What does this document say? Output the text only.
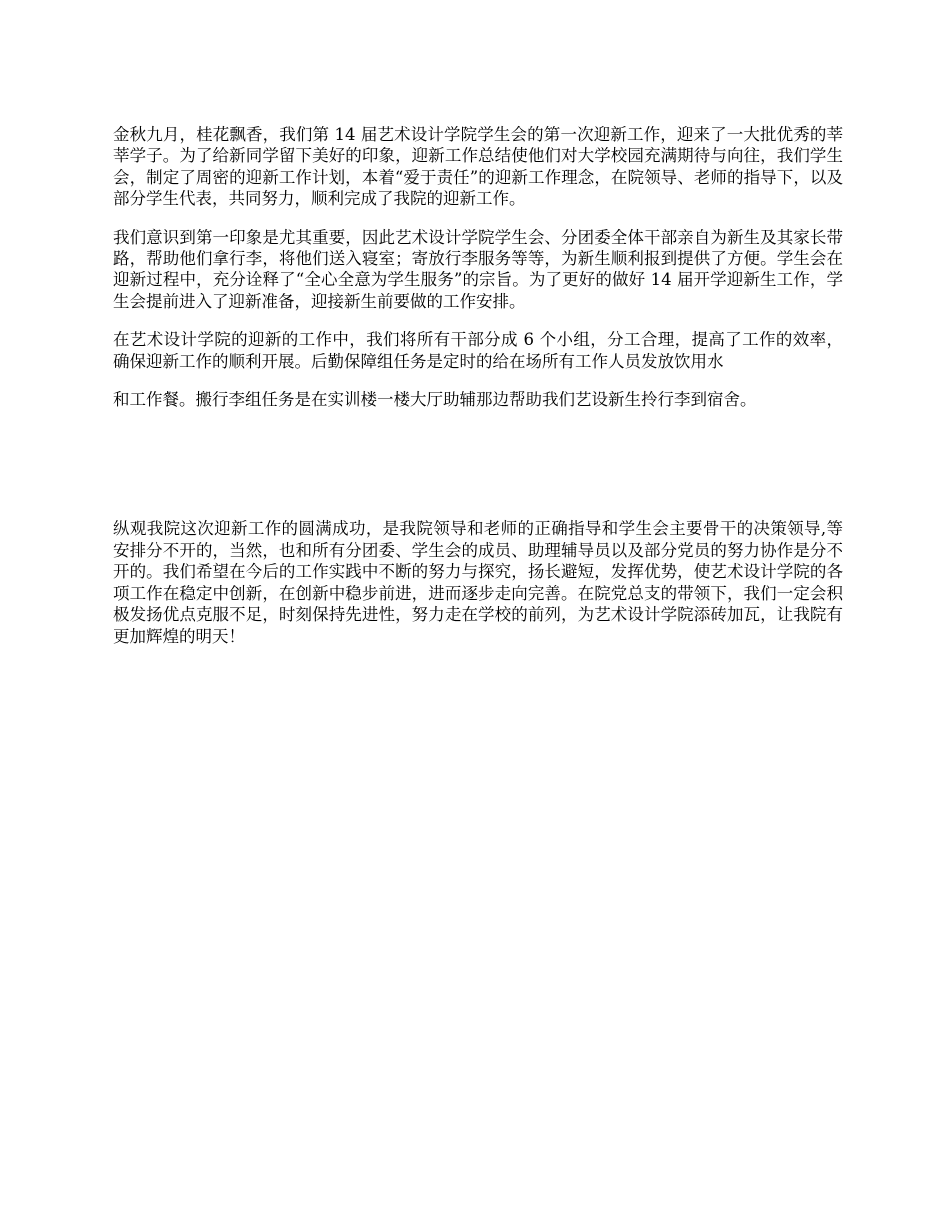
金秋九月，桂花飘香，我们第 14 届艺术设计学院学生会的第一次迎新工作，迎来了一大批优秀的莘莘学子。为了给新同学留下美好的印象，迎新工作总结使他们对大学校园充满期待与向往，我们学生会，制定了周密的迎新工作计划，本着“爱于责任”的迎新工作理念，在院领导、老师的指导下，以及部分学生代表，共同努力，顺利完成了我院的迎新工作。

我们意识到第一印象是尤其重要，因此艺术设计学院学生会、分团委全体干部亲自为新生及其家长带路，帮助他们拿行李，将他们送入寝室；寄放行李服务等等，为新生顺利报到提供了方便。学生会在迎新过程中，充分诠释了“全心全意为学生服务”的宗旨。为了更好的做好 14 届开学迎新生工作，学生会提前进入了迎新准备，迎接新生前要做的工作安排。

在艺术设计学院的迎新的工作中，我们将所有干部分成 6 个小组，分工合理，提高了工作的效率，确保迎新工作的顺利开展。后勤保障组任务是定时的给在场所有工作人员发放饮用水

和工作餐。搬行李组任务是在实训楼一楼大厅助辅那边帮助我们艺设新生拎行李到宿舍。

纵观我院这次迎新工作的圆满成功，是我院领导和老师的正确指导和学生会主要骨干的决策领导,等安排分不开的，当然，也和所有分团委、学生会的成员、助理辅导员以及部分党员的努力协作是分不开的。我们希望在今后的工作实践中不断的努力与探究，扬长避短，发挥优势，使艺术设计学院的各项工作在稳定中创新，在创新中稳步前进，进而逐步走向完善。在院党总支的带领下，我们一定会积极发扬优点克服不足，时刻保持先进性，努力走在学校的前列，为艺术设计学院添砖加瓦，让我院有更加辉煌的明天！
